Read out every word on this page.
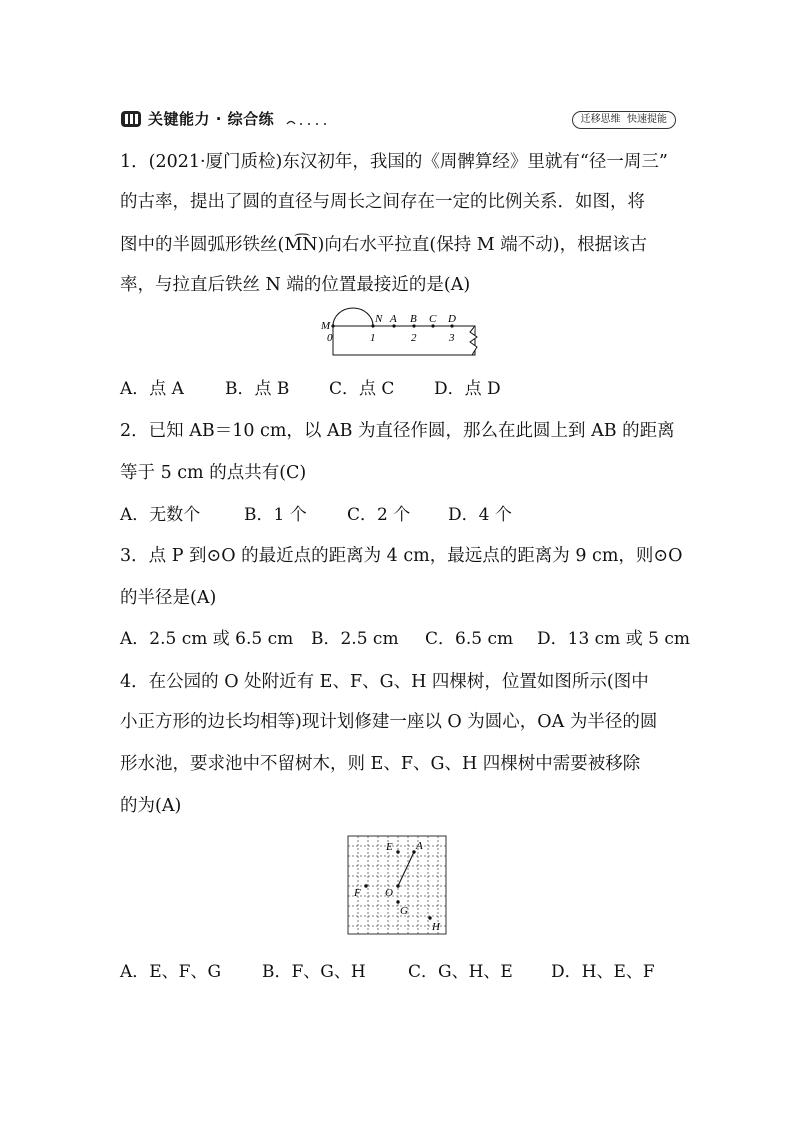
关键能力 · 综合练	迁移思维  快速提能
1．(2021·厦门质检)东汉初年，我国的《周髀算经》里就有“径一周三”
的古率，提出了圆的直径与周长之间存在一定的比例关系．如图，将
图中的半圆弧形铁丝(M͡N)向右水平拉直(保持 M 端不动)，根据该古
率，与拉直后铁丝 N 端的位置最接近的是(A)
M
N A B C D
0	1	2	3
A．点 A B．点 B C．点 C D．点 D
2．已知 AB＝10 cm，以 AB 为直径作圆，那么在此圆上到 AB 的距离
等于 5 cm 的点共有(C)
A．无数个	B．1 个 C．2 个 D．4 个
3．点 P 到⊙O 的最近点的距离为 4 cm，最远点的距离为 9 cm，则⊙O
的半径是(A)
A．2.5 cm 或 6.5 cm B．2.5 cm C．6.5 cm D．13 cm 或 5 cm
4．在公园的 O 处附近有 E、F、G、H 四棵树，位置如图所示(图中
小正方形的边长均相等)现计划修建一座以 O 为圆心，OA 为半径的圆
形水池，要求池中不留树木，则 E、F、G、H 四棵树中需要被移除
的为(A)
E A
F O
G
H
A．E、F、G B．F、G、H C．G、H、E D．H、E、F
